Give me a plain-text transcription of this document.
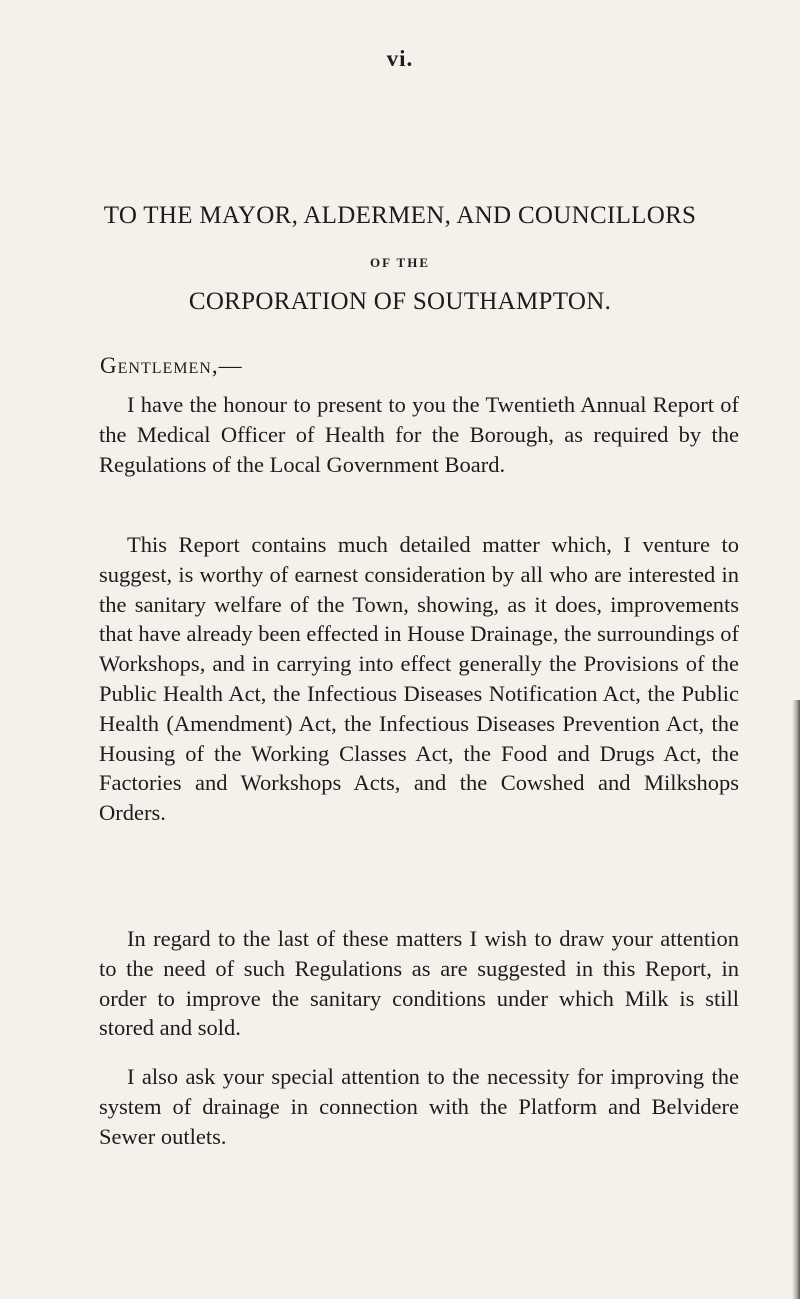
vi.
TO THE MAYOR, ALDERMEN, AND COUNCILLORS
OF THE
CORPORATION OF SOUTHAMPTON.
Gentlemen,—

I have the honour to present to you the Twentieth Annual Report of the Medical Officer of Health for the Borough, as required by the Regulations of the Local Government Board.

This Report contains much detailed matter which, I venture to suggest, is worthy of earnest consideration by all who are interested in the sanitary welfare of the Town, showing, as it does, improvements that have already been effected in House Drainage, the surroundings of Workshops, and in carrying into effect generally the Provisions of the Public Health Act, the Infectious Diseases Notification Act, the Public Health (Amendment) Act, the Infectious Diseases Prevention Act, the Housing of the Working Classes Act, the Food and Drugs Act, the Factories and Workshops Acts, and the Cowshed and Milkshops Orders.

In regard to the last of these matters I wish to draw your attention to the need of such Regulations as are suggested in this Report, in order to improve the sanitary conditions under which Milk is still stored and sold.

I also ask your special attention to the necessity for improving the system of drainage in connection with the Platform and Belvidere Sewer outlets.
